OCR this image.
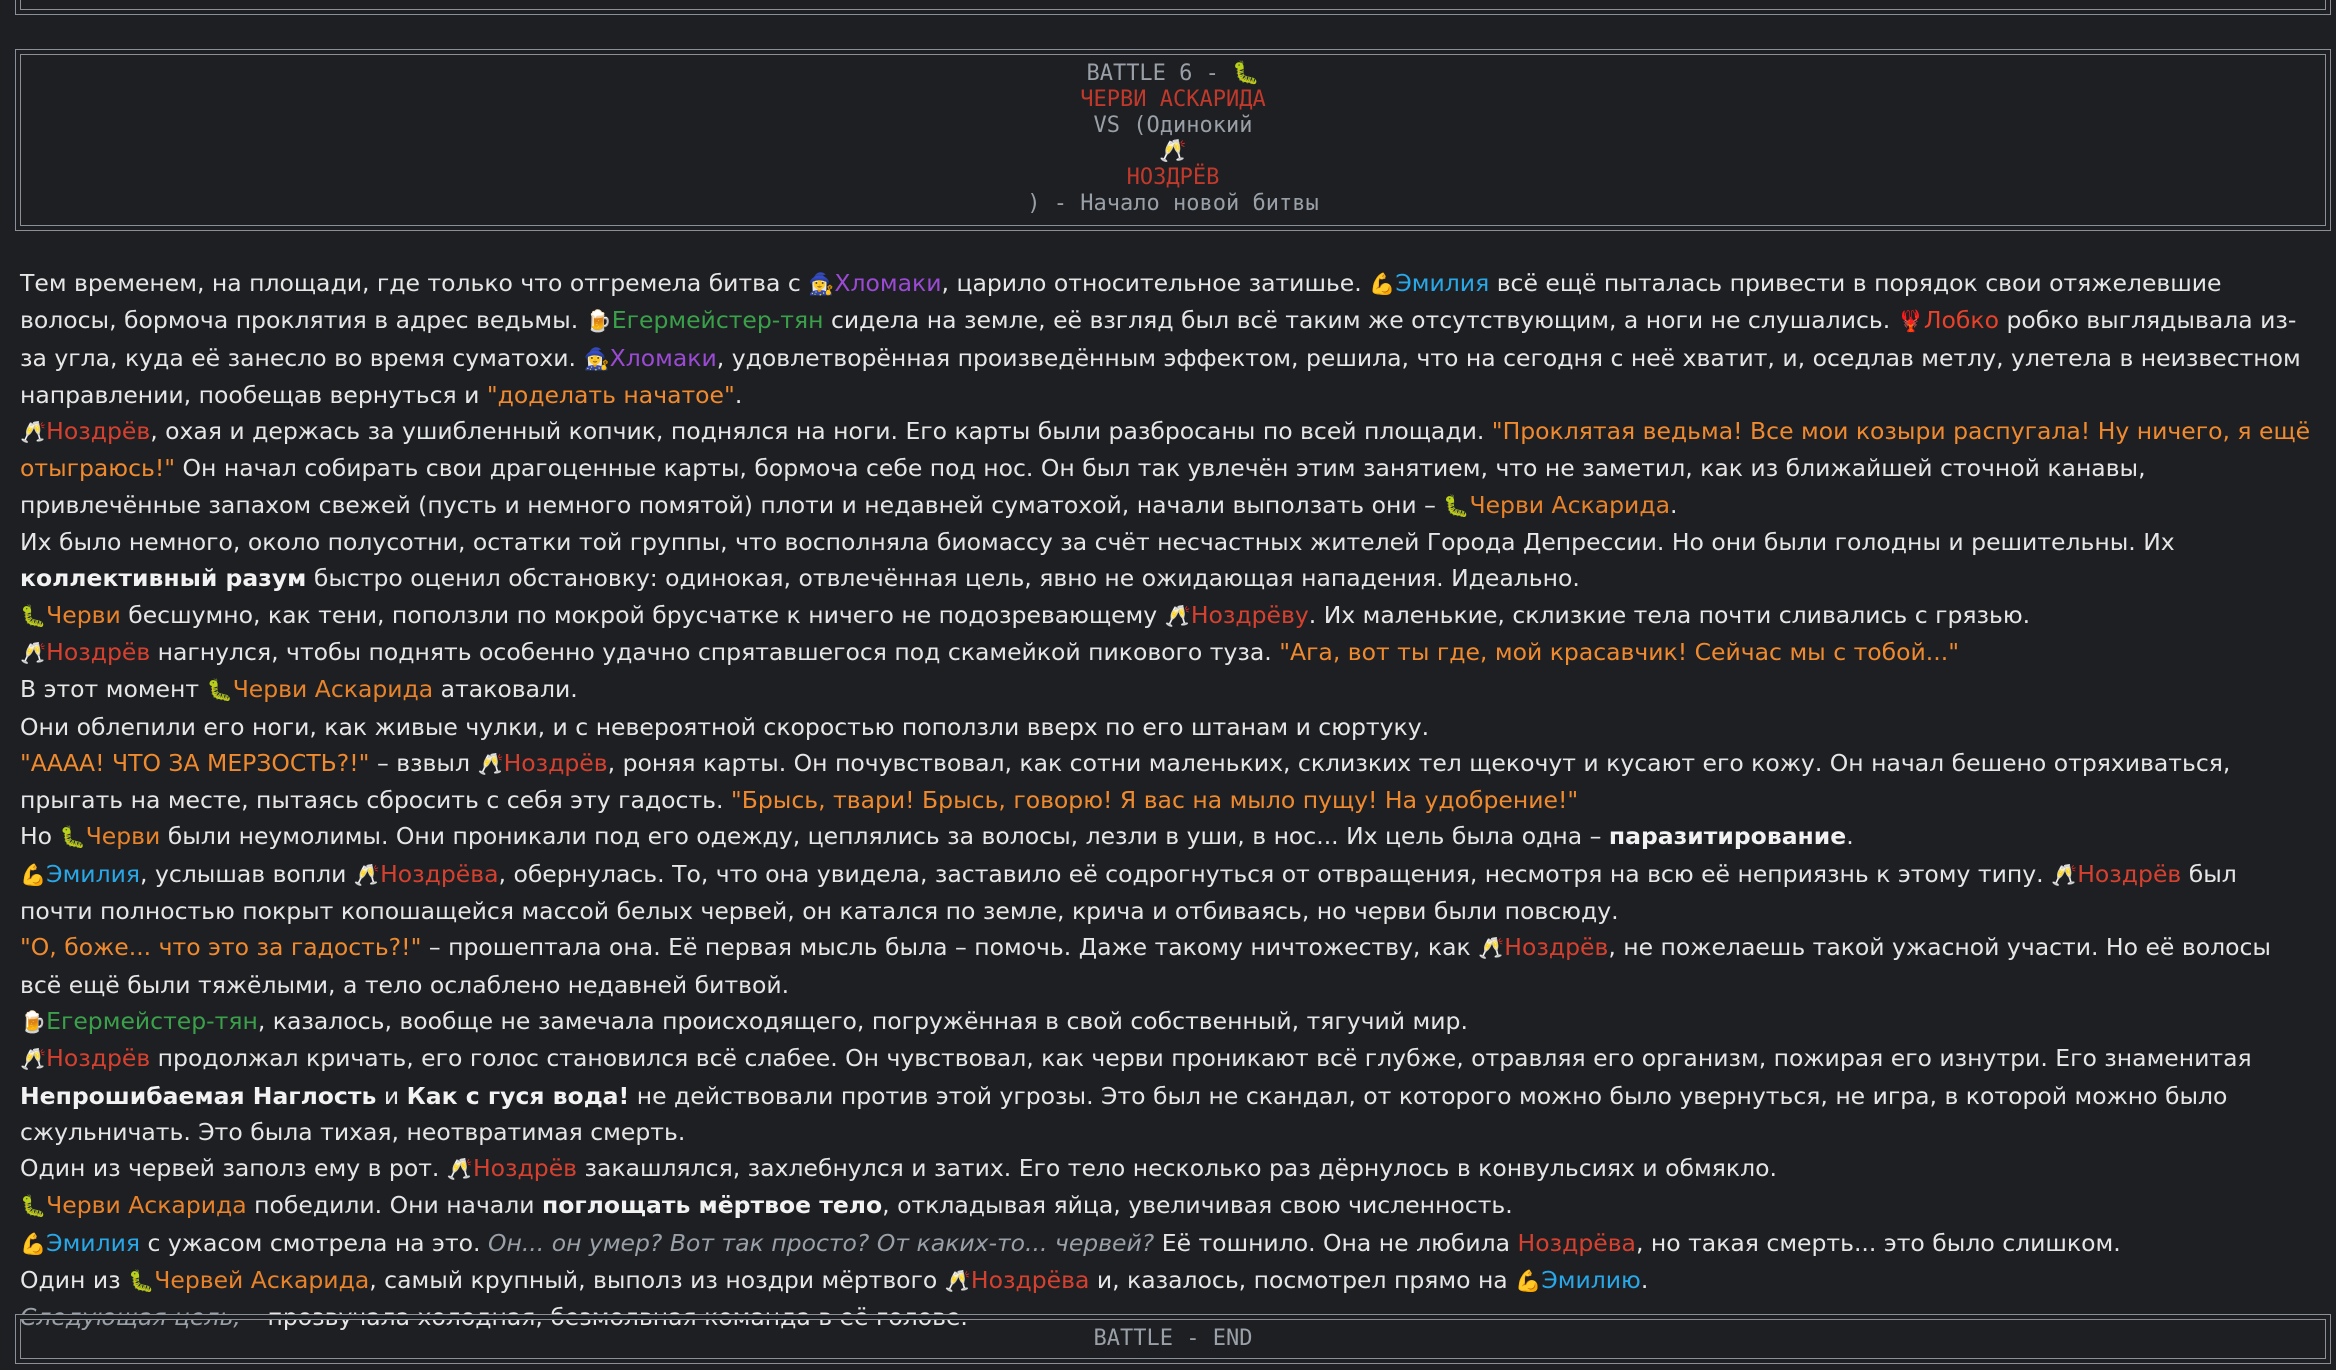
BATTLE 6 - 🐛
ЧЕРВИ АСКАРИДА
VS (Одинокий
🥂
НОЗДРЁВ
) - Начало новой битвы

Тем временем, на площади, где только что отгремела битва с 🧙‍♀️Хломаки, царило относительное затишье. 💪Эмилия всё ещё пыталась привести в порядок свои отяжелевшие волосы, бормоча проклятия в адрес ведьмы. 🍺Егермейстер-тян сидела на земле, её взгляд был всё таким же отсутствующим, а ноги не слушались. 🦞Лобко робко выглядывала из-за угла, куда её занесло во время суматохи. 🧙‍♀️Хломаки, удовлетворённая произведённым эффектом, решила, что на сегодня с неё хватит, и, оседлав метлу, улетела в неизвестном направлении, пообещав вернуться и "доделать начатое".

🥂Ноздрёв, охая и держась за ушибленный копчик, поднялся на ноги. Его карты были разбросаны по всей площади. "Проклятая ведьма! Все мои козыри распугала! Ну ничего, я ещё отыграюсь!" Он начал собирать свои драгоценные карты, бормоча себе под нос. Он был так увлечён этим занятием, что не заметил, как из ближайшей сточной канавы, привлечённые запахом свежей (пусть и немного помятой) плоти и недавней суматохой, начали выползать они – 🐛Черви Аскарида.

Их было немного, около полусотни, остатки той группы, что восполняла биомассу за счёт несчастных жителей Города Депрессии. Но они были голодны и решительны. Их коллективный разум быстро оценил обстановку: одинокая, отвлечённая цель, явно не ожидающая нападения. Идеально.

🐛Черви бесшумно, как тени, поползли по мокрой брусчатке к ничего не подозревающему 🥂Ноздрёву. Их маленькие, склизкие тела почти сливались с грязью.

🥂Ноздрёв нагнулся, чтобы поднять особенно удачно спрятавшегося под скамейкой пикового туза. "Ага, вот ты где, мой красавчик! Сейчас мы с тобой..."

В этот момент 🐛Черви Аскарида атаковали.

Они облепили его ноги, как живые чулки, и с невероятной скоростью поползли вверх по его штанам и сюртуку.

"АААА! ЧТО ЗА МЕРЗОСТЬ?!" – взвыл 🥂Ноздрёв, роняя карты. Он почувствовал, как сотни маленьких, склизких тел щекочут и кусают его кожу. Он начал бешено отряхиваться, прыгать на месте, пытаясь сбросить с себя эту гадость. "Брысь, твари! Брысь, говорю! Я вас на мыло пущу! На удобрение!"

Но 🐛Черви были неумолимы. Они проникали под его одежду, цеплялись за волосы, лезли в уши, в нос... Их цель была одна – паразитирование.

💪Эмилия, услышав вопли 🥂Ноздрёва, обернулась. То, что она увидела, заставило её содрогнуться от отвращения, несмотря на всю её неприязнь к этому типу. 🥂Ноздрёв был почти полностью покрыт копошащейся массой белых червей, он катался по земле, крича и отбиваясь, но черви были повсюду.

"О, боже... что это за гадость?!" – прошептала она. Её первая мысль была – помочь. Даже такому ничтожеству, как 🥂Ноздрёв, не пожелаешь такой ужасной участи. Но её волосы всё ещё были тяжёлыми, а тело ослаблено недавней битвой.

🍺Егермейстер-тян, казалось, вообще не замечала происходящего, погружённая в свой собственный, тягучий мир.

🥂Ноздрёв продолжал кричать, его голос становился всё слабее. Он чувствовал, как черви проникают всё глубже, отравляя его организм, пожирая его изнутри. Его знаменитая Непрошибаемая Наглость и Как с гуся вода! не действовали против этой угрозы. Это был не скандал, от которого можно было увернуться, не игра, в которой можно было сжульничать. Это была тихая, неотвратимая смерть.

Один из червей заполз ему в рот. 🥂Ноздрёв закашлялся, захлебнулся и затих. Его тело несколько раз дёрнулось в конвульсиях и обмякло.

🐛Черви Аскарида победили. Они начали поглощать мёртвое тело, откладывая яйца, увеличивая свою численность.

💪Эмилия с ужасом смотрела на это. Он... он умер? Вот так просто? От каких-то... червей? Её тошнило. Она не любила Ноздрёва, но такая смерть... это было слишком.

Один из 🐛Червей Аскарида, самый крупный, выполз из ноздри мёртвого 🥂Ноздрёва и, казалось, посмотрел прямо на 💪Эмилию.

Следующая цель, – прозвучала холодная, безмолвная команда в её голове.

BATTLE - END
